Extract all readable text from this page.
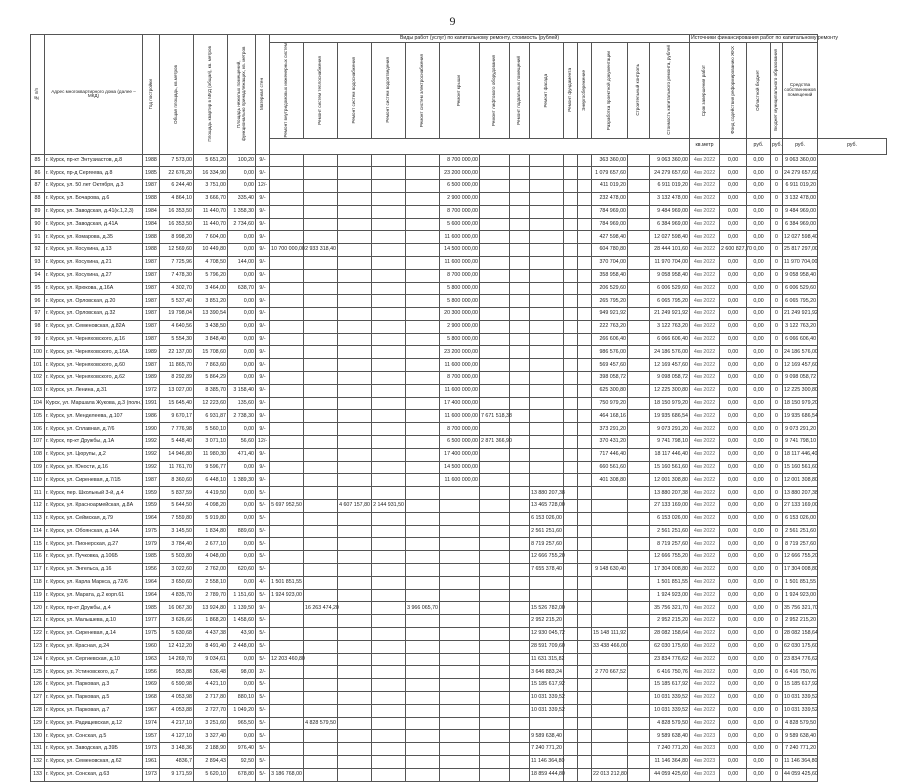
9
№ п/п	Адрес многоквартирного дома (далее – МКД)	Год постройки	Общая площадь, кв.метров	Площадь квартир в МКД (общая), кв. метров	Площадь нежилых помещений, функционально принадлежащих, кв. метров	Материал стен	Виды работ (услуг) по капитальному ремонту, стоимость (рублей)														Источники финансирования работ по капитальному ремонту					

							Ремонт внутридомовых инженерных систем	Ремонт систем теплоснабжения	Ремонт систем водоснабжения	Ремонт систем водоотведения	Ремонт систем электроснабжения	Ремонт крыши	Ремонт лифтового оборудования	Ремонт подвальных помещений	Ремонт фасада	Ремонт фундамента	Энергосбережение	Разработка проектной документации	Строительный контроль	Стоимость капитального ремонта, рублей	Срок завершения работ	Фонд содействия реформированию ЖКХ	Областной бюджет	Бюджет муниципального образования	Средства собственников помещений	
																					кв.метр		руб.	руб.	руб.	руб.
85	г. Курск, пр-кт Энтузиастов, д.8	1988	7 573,00	5 651,20	100,20	9/-						8 700 000,00						363 360,00		9 063 360,00	4кв 2022	0,00	0,00	0	9 063 360,00	
86	г. Курск, пр-д Сергеева, д.8	1985	22 676,20	16 334,90	0,00	9/-						23 200 000,00						1 079 657,60		24 279 657,60	4кв 2022	0,00	0,00	0	24 279 657,60	
87	г. Курск, ул. 50 лет Октября, д.3	1987	6 244,40	3 751,00	0,00	12/-						6 500 000,00						411 019,20		6 911 019,20	4кв 2022	0,00	0,00	0	6 911 019,20	
88	г. Курск, ул. Бочарова, д.6	1988	4 864,10	3 666,70	335,40	9/-						2 900 000,00						232 478,00		3 132 478,00	4кв 2022	0,00	0,00	0	3 132 478,00	
89	г. Курск, ул. Заводская, д.41(к.1,2,3)	1984	16 353,50	11 440,70	1 358,30	9/-						8 700 000,00						784 969,00		9 484 969,00	4кв 2022	0,00	0,00	0	9 484 969,00	
90	г. Курск, ул. Заводская, д.41А	1984	16 353,50	11 440,70	2 734,60	9/-						5 600 000,00						784 969,00		6 384 969,00	4кв 2022	0,00	0,00	0	6 384 969,00	
91	г. Курск, ул. Комарова, д.35	1988	8 998,20	7 604,00	0,00	9/-						11 600 000,00						427 598,40		12 027 598,40	4кв 2022	0,00	0,00	0	12 027 598,40	
92	г. Курск, ул. Косухина, д.13	1988	12 569,60	10 449,80	0,00	9/-	10 700 000,00	2 933 318,40				14 500 000,00						604 780,80		28 444 101,60	4кв 2022	2 600 827,70	0,00	0	25 817 297,00	
93	г. Курск, ул. Косухина, д.21	1987	7 725,96	4 708,50	144,00	9/-						11 600 000,00						370 704,00		11 970 704,00	4кв 2022	0,00	0,00	0	11 970 704,00	
94	г. Курск, ул. Косухина, д.27	1987	7 478,30	5 796,20	0,00	9/-						8 700 000,00						358 958,40		9 058 958,40	4кв 2022	0,00	0,00	0	9 058 958,40	
95	г. Курск, ул. Крюкова, д.16А	1987	4 302,70	3 464,00	638,70	9/-						5 800 000,00						206 529,60		6 006 529,60	4кв 2022	0,00	0,00	0	6 006 529,60	
96	г. Курск, ул. Орловская, д.20	1987	5 537,40	3 851,20	0,00	9/-						5 800 000,00						265 795,20		6 065 795,20	4кв 2022	0,00	0,00	0	6 065 795,20	
97	г. Курск, ул. Орловская, д.32	1987	19 798,04	13 390,54	0,00	9/-						20 300 000,00						949 921,92		21 249 921,92	4кв 2022	0,00	0,00	0	21 249 921,92	
98	г. Курск, ул. Семеновская, д.82А	1987	4 640,56	3 438,50	0,00	9/-						2 900 000,00						222 763,20		3 122 763,20	4кв 2022	0,00	0,00	0	3 122 763,20	
99	г. Курск, ул. Черняховского, д.16	1987	5 554,30	3 848,40	0,00	9/-						5 800 000,00						266 606,40		6 066 606,40	4кв 2022	0,00	0,00	0	6 066 606,40	
100	г. Курск, ул. Черняховского, д.16А	1989	22 137,00	15 708,60	0,00	9/-						23 200 000,00						986 576,00		24 186 576,00	4кв 2022	0,00	0,00	0	24 186 576,00	
101	г. Курск, ул. Черняховского, д.60	1987	11 865,70	7 863,60	0,00	9/-						11 600 000,00						569 457,60		12 169 457,60	4кв 2022	0,00	0,00	0	12 169 457,60	
102	г. Курск, ул. Черняховского, д.62	1989	8 292,89	5 864,29	0,00	9/-						8 700 000,00						398 058,72		9 098 058,72	4кв 2022	0,00	0,00	0	9 098 058,72	
103	г. Курск, ул. Ленина, д.31	1972	13 027,00	8 385,70	3 158,40	9/-						11 600 000,00						625 300,80		12 225 300,80	4кв 2022	0,00	0,00	0	12 225 300,80	
104	Курск, ул. Маршала Жукова, д.3 (полн.)	1991	15 645,40	12 223,60	135,60	9/-						17 400 000,00						750 979,20		18 150 979,20	4кв 2022	0,00	0,00	0	18 150 979,20	
105	г. Курск, ул. Менделеева, д.107	1986	9 670,17	6 931,87	2 738,30	9/-						11 600 000,00	7 671 518,38					464 168,16		19 935 686,54	4кв 2022	0,00	0,00	0	19 935 686,54	
106	г. Курск, ул. Сплавная, д.7/6	1990	7 776,98	5 560,10	0,00	9/-						8 700 000,00						373 291,20		9 073 291,20	4кв 2022	0,00	0,00	0	9 073 291,20	
107	г. Курск, пр-кт Дружбы, д.1А	1992	5 448,40	3 071,10	56,60	12/-						6 500 000,00	2 871 366,90					370 431,20		9 741 798,10	4кв 2022	0,00	0,00	0	9 741 798,10	
108	г. Курск, ул. Цюрупы, д.2	1992	14 946,80	11 980,30	471,40	9/-						17 400 000,00						717 446,40		18 117 446,40	4кв 2022	0,00	0,00	0	18 117 446,40	
109	г. Курск, ул. Юности, д.16	1992	11 761,70	9 596,77	0,00	9/-						14 500 000,00						660 561,60		15 160 561,60	4кв 2022	0,00	0,00	0	15 160 561,60	
110	г. Курск, ул. Сиреневая, д.7/1Б	1987	8 360,60	6 448,10	1 389,30	9/-						11 600 000,00						401 308,80		12 001 308,80	4кв 2022	0,00	0,00	0	12 001 308,80	
111	г. Курск, пер. Школьный 3-й, д.4	1959	5 837,59	4 419,50	0,00	5/-									13 880 207,38					13 880 207,38	4кв 2022	0,00	0,00	0	13 880 207,38	
112	г. Курск, ул. Красноармейская, д.8А	1959	5 644,50	4 098,20	0,00	5/-	5 697 952,50		4 607 157,80	2 144 931,50					13 465 728,00					27 133 169,00	4кв 2022	0,00	0,00	0	27 133 169,00	
113	г. Курск, ул. Сеймская, д.79	1964	7 559,80	5 919,80	0,00	5/-									6 153 026,00					6 153 026,00	4кв 2022	0,00	0,00	0	6 153 026,00	
114	г. Курск, ул. Обоянская, д.14А	1975	3 145,50	1 834,80	889,60	5/-									2 561 251,60					2 561 251,60	4кв 2022	0,00	0,00	0	2 561 251,60	
115	г. Курск, ул. Пионерская, д.27	1979	3 784,40	2 677,10	0,00	5/-									8 719 257,60					8 719 257,60	4кв 2022	0,00	0,00	0	8 719 257,60	
116	г. Курск, ул. Пучковка, д.106Б	1985	5 503,80	4 048,00	0,00	5/-									12 666 755,20					12 666 755,20	4кв 2022	0,00	0,00	0	12 666 755,20	
117	г. Курск, ул. Энгельса, д.16	1956	3 022,60	2 762,00	620,60	5/-									7 655 378,40			9 148 630,40		17 304 008,80	4кв 2022	0,00	0,00	0	17 304 008,80	
118	г. Курск, ул. Карла Маркса, д.72/6	1964	3 650,60	2 558,10	0,00	4/-	1 501 851,55													1 501 851,55	4кв 2022	0,00	0,00	0	1 501 851,55	
119	г. Курск, ул. Марата, д.2 корп.61	1964	4 835,70	2 789,70	1 151,60	5/-	1 924 923,00													1 924 923,00	4кв 2022	0,00	0,00	0	1 924 923,00	
120	г. Курск, пр-кт Дружбы, д.4	1985	16 067,30	13 924,80	1 139,50	9/-		16 263 474,20			3 966 065,70				15 526 782,00					35 756 321,70	4кв 2022	0,00	0,00	0	35 756 321,70	
121	г. Курск, ул. Малышева, д.10	1977	3 626,66	1 868,20	1 458,60	5/-									2 952 215,20					2 952 215,20	4кв 2022	0,00	0,00	0	2 952 215,20	
122	г. Курск, ул. Сиреневая, д.14	1975	5 630,68	4 437,38	43,90	5/-									12 930 045,72			15 148 111,92		28 082 158,64	4кв 2022	0,00	0,00	0	28 082 158,64	
123	г. Курск, ул. Красная, д.24	1960	12 412,20	8 491,40	2 448,00	5/-									28 591 709,60			33 438 466,00		62 030 175,60	4кв 2022	0,00	0,00	0	62 030 175,60	
124	г. Курск, ул. Сергиевская, д.10	1963	14 269,70	9 034,61	0,00	5/-	12 203 460,80								11 631 315,82					23 834 776,62	4кв 2022	0,00	0,00	0	23 834 776,62	
125	г. Курск, ул. Устиновского, д.7	1956	953,88	636,48	98,00	2/-									3 646 883,24			2 770 667,52		6 416 750,76	4кв 2022	0,00	0,00	0	6 416 750,76	
126	г. Курск, ул. Парковая, д.3	1969	6 590,98	4 421,10	0,00	5/-									15 185 617,92					15 185 617,92	4кв 2022	0,00	0,00	0	15 185 617,92	
127	г. Курск, ул. Парковая, д.5	1968	4 053,98	2 717,80	880,10	5/-									10 031 339,52					10 031 339,52	4кв 2022	0,00	0,00	0	10 031 339,52	
128	г. Курск, ул. Парковая, д.7	1967	4 053,88	2 727,70	1 049,20	5/-									10 031 339,52					10 031 339,52	4кв 2022	0,00	0,00	0	10 031 339,52	
129	г. Курск, ул. Радищевская, д.12	1974	4 217,10	3 251,60	965,50	5/-		4 828 579,50												4 828 579,50	4кв 2022	0,00	0,00	0	4 828 579,50	
130	г. Курск, ул. Сонская, д.5	1957	4 127,10	3 327,40	0,00	5/-									9 589 638,40					9 589 638,40	4кв 2023	0,00	0,00	0	9 589 638,40	
131	г. Курск, ул. Заводская, д.39Б	1973	3 148,36	2 188,90	976,40	5/-									7 240 771,20					7 240 771,20	4кв 2023	0,00	0,00	0	7 240 771,20	
132	г. Курск, ул. Семеновская, д.62	1961	4836,7	2 894,43	92,50	5/-									11 146 364,80					11 146 364,80	4кв 2023	0,00	0,00	0	11 146 364,80	
133	г. Курск, ул. Сонская, д.63	1973	9 171,59	5 620,10	678,80	5/-	3 186 768,00								18 859 444,80			22 013 212,80		44 059 425,60	4кв 2023	0,00	0,00	0	44 059 425,60	
